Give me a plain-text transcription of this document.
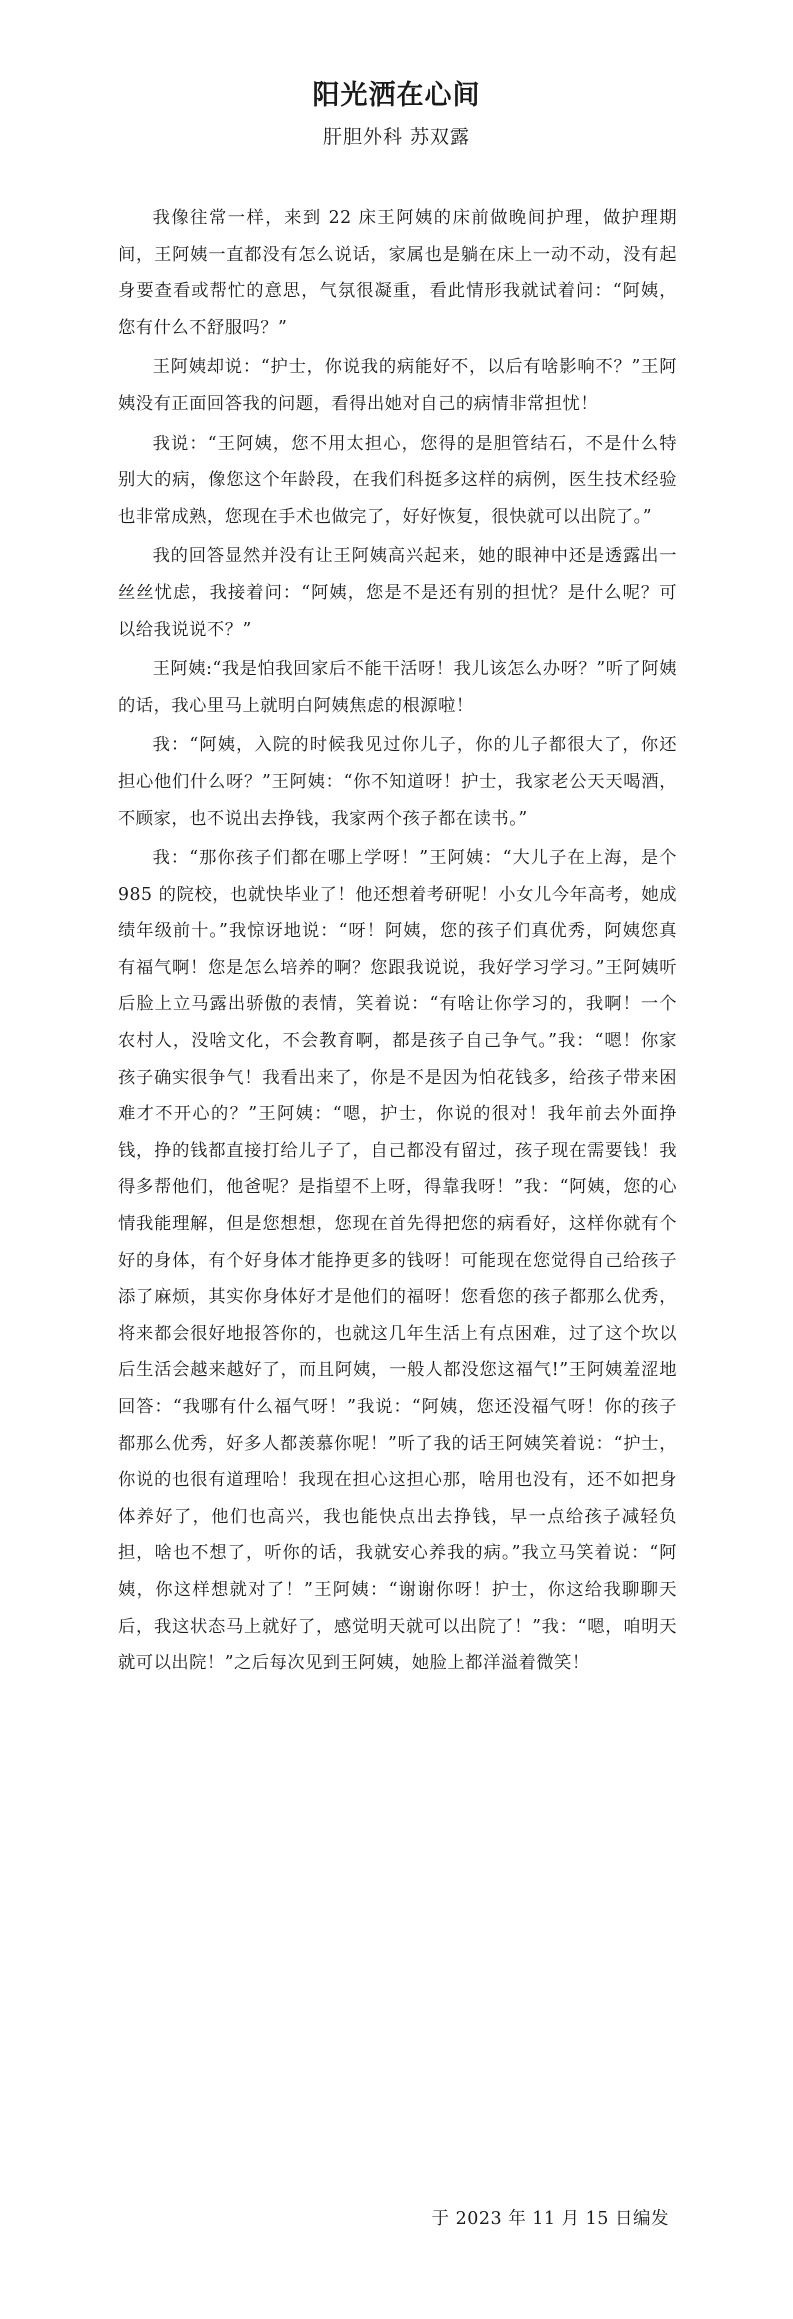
阳光洒在心间
肝胆外科 苏双露

我像往常一样，来到 22 床王阿姨的床前做晚间护理，做护理期间，王阿姨一直都没有怎么说话，家属也是躺在床上一动不动，没有起身要查看或帮忙的意思，气氛很凝重，看此情形我就试着问：“阿姨，您有什么不舒服吗？”

王阿姨却说：“护士，你说我的病能好不，以后有啥影响不？”王阿姨没有正面回答我的问题，看得出她对自己的病情非常担忧！

我说：“王阿姨，您不用太担心，您得的是胆管结石，不是什么特别大的病，像您这个年龄段，在我们科挺多这样的病例，医生技术经验也非常成熟，您现在手术也做完了，好好恢复，很快就可以出院了。”

我的回答显然并没有让王阿姨高兴起来，她的眼神中还是透露出一丝丝忧虑，我接着问：“阿姨，您是不是还有别的担忧？是什么呢？可以给我说说不？”

王阿姨:“我是怕我回家后不能干活呀！我儿该怎么办呀？”听了阿姨的话，我心里马上就明白阿姨焦虑的根源啦！

我：“阿姨，入院的时候我见过你儿子，你的儿子都很大了，你还担心他们什么呀？”王阿姨：“你不知道呀！护士，我家老公天天喝酒，不顾家，也不说出去挣钱，我家两个孩子都在读书。”

我：“那你孩子们都在哪上学呀！”王阿姨：“大儿子在上海，是个 985 的院校，也就快毕业了！他还想着考研呢！小女儿今年高考，她成绩年级前十。”我惊讶地说：“呀！阿姨，您的孩子们真优秀，阿姨您真有福气啊！您是怎么培养的啊？您跟我说说，我好学习学习。”王阿姨听后脸上立马露出骄傲的表情，笑着说：“有啥让你学习的，我啊！一个农村人，没啥文化，不会教育啊，都是孩子自己争气。”我：“嗯！你家孩子确实很争气！我看出来了，你是不是因为怕花钱多，给孩子带来困难才不开心的？”王阿姨：“嗯，护士，你说的很对！我年前去外面挣钱，挣的钱都直接打给儿子了，自己都没有留过，孩子现在需要钱！我得多帮他们，他爸呢？是指望不上呀，得靠我呀！”我：“阿姨，您的心情我能理解，但是您想想，您现在首先得把您的病看好，这样你就有个好的身体，有个好身体才能挣更多的钱呀！可能现在您觉得自己给孩子添了麻烦，其实你身体好才是他们的福呀！您看您的孩子都那么优秀，将来都会很好地报答你的，也就这几年生活上有点困难，过了这个坎以后生活会越来越好了，而且阿姨，一般人都没您这福气!”王阿姨羞涩地回答：“我哪有什么福气呀！”我说：“阿姨，您还没福气呀！你的孩子都那么优秀，好多人都羡慕你呢！”听了我的话王阿姨笑着说：“护士，你说的也很有道理哈！我现在担心这担心那，啥用也没有，还不如把身体养好了，他们也高兴，我也能快点出去挣钱，早一点给孩子减轻负担，啥也不想了，听你的话，我就安心养我的病。”我立马笑着说：“阿姨，你这样想就对了！”王阿姨：“谢谢你呀！护士，你这给我聊聊天后，我这状态马上就好了，感觉明天就可以出院了！”我：“嗯，咱明天就可以出院！”之后每次见到王阿姨，她脸上都洋溢着微笑！

于 2023 年 11 月 15 日编发
